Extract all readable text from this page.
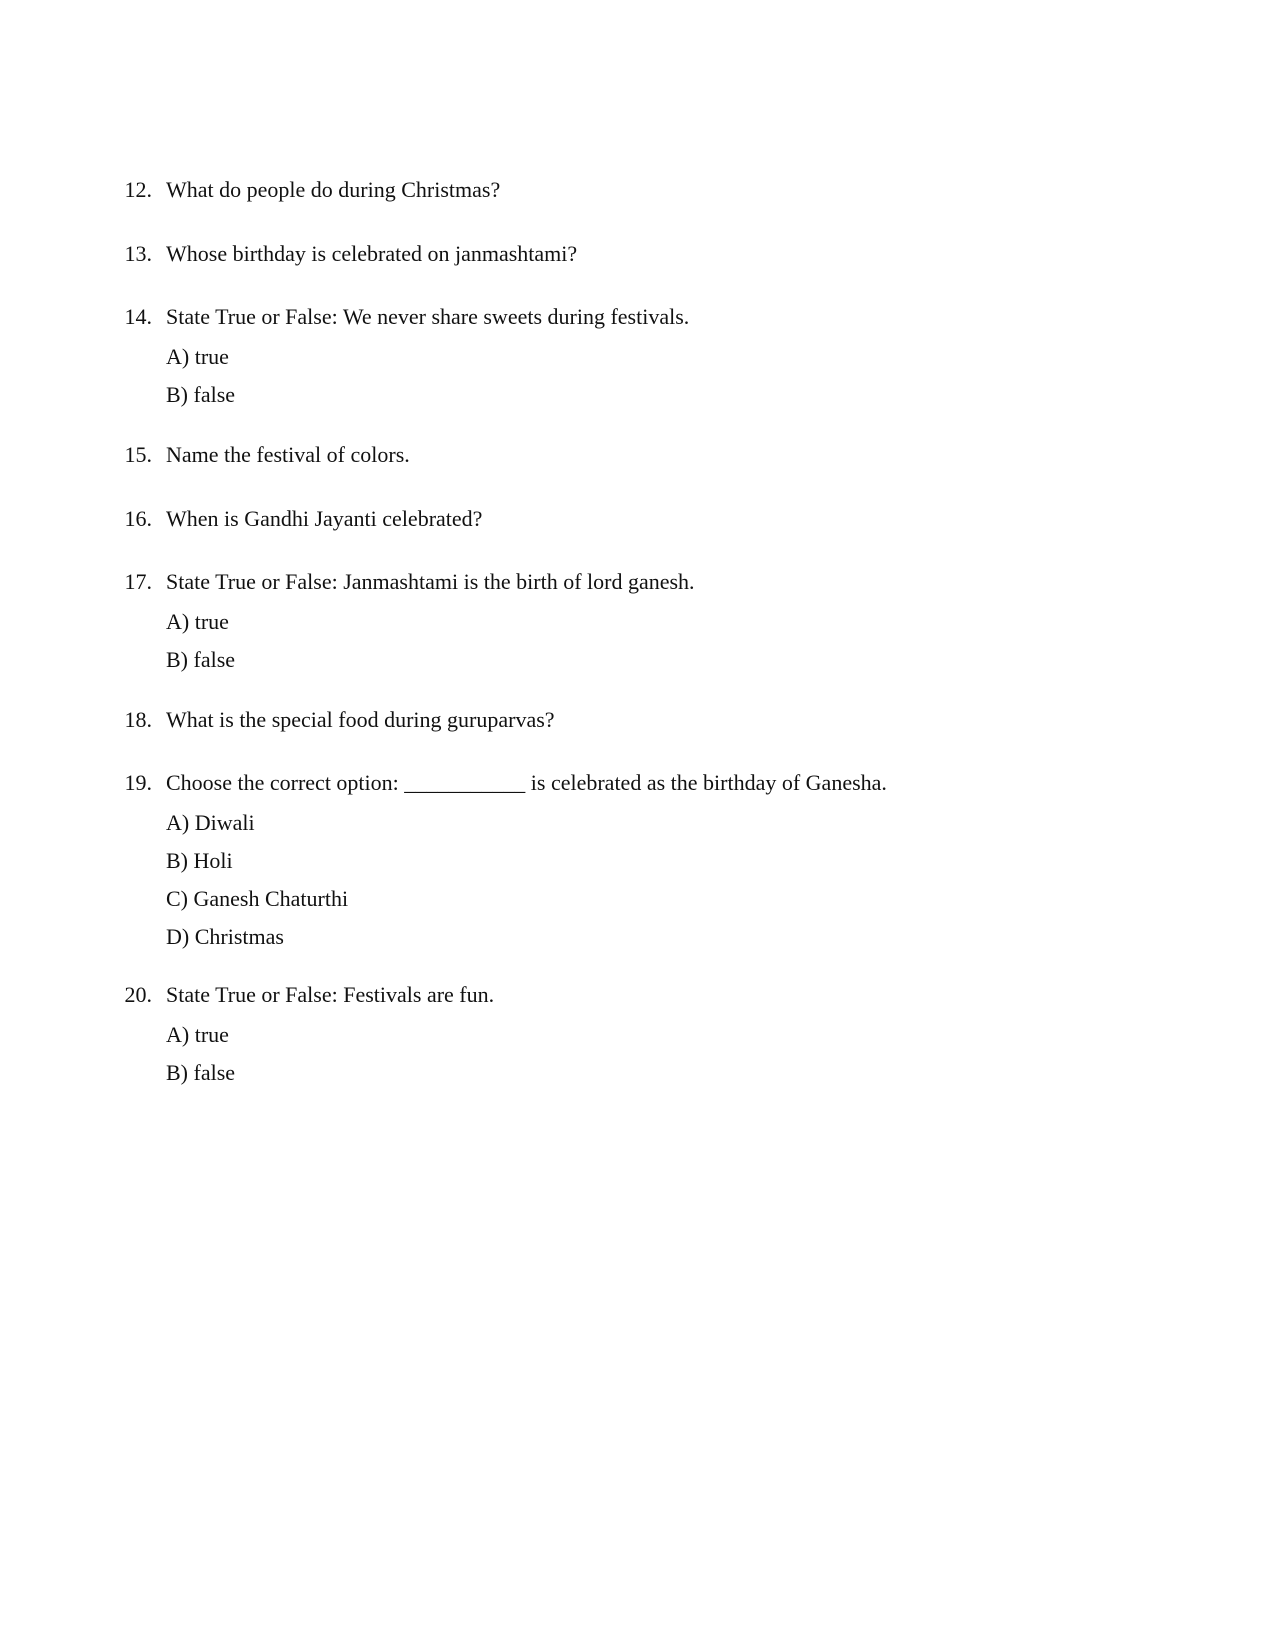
12. What do people do during Christmas?
13. Whose birthday is celebrated on janmashtami?
14. State True or False: We never share sweets during festivals.
A) true
B) false
15. Name the festival of colors.
16. When is Gandhi Jayanti celebrated?
17. State True or False: Janmashtami is the birth of lord ganesh.
A) true
B) false
18. What is the special food during guruparvas?
19. Choose the correct option: ___________ is celebrated as the birthday of Ganesha.
A) Diwali
B) Holi
C) Ganesh Chaturthi
D) Christmas
20. State True or False: Festivals are fun.
A) true
B) false
